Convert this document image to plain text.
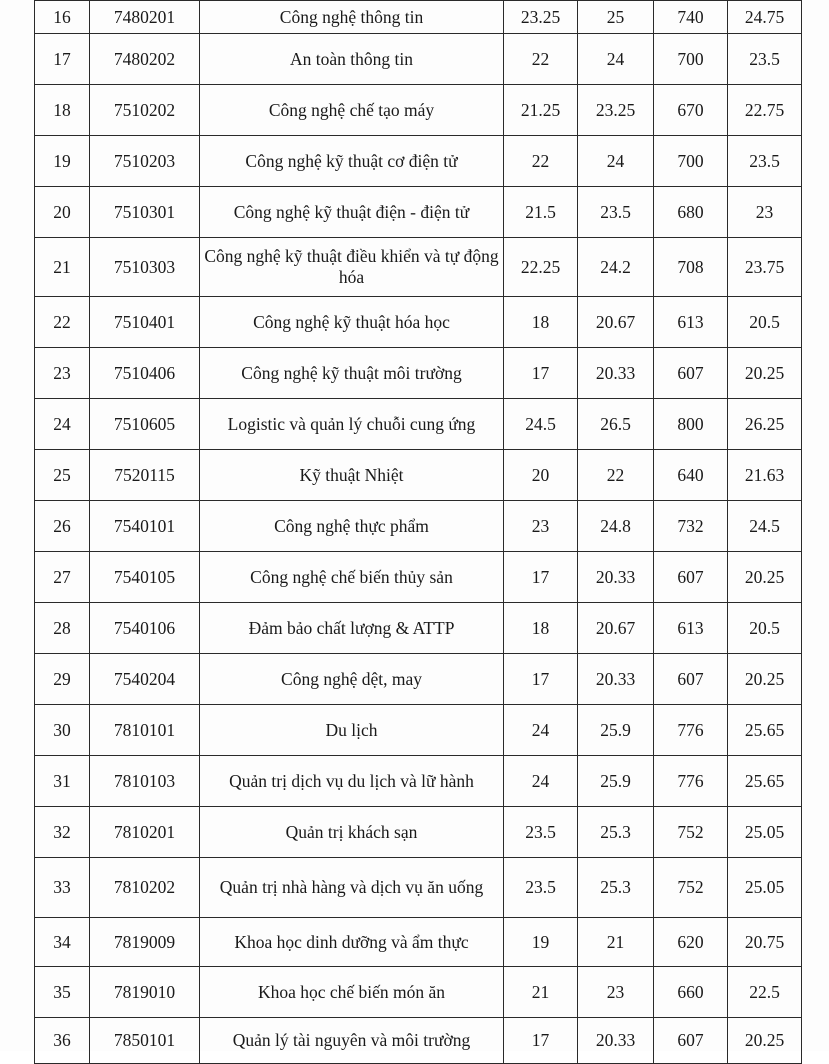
16	7480201	Công nghệ thông tin	23.25	25	740	24.75
17	7480202	An toàn thông tin	22	24	700	23.5
18	7510202	Công nghệ chế tạo máy	21.25	23.25	670	22.75
19	7510203	Công nghệ kỹ thuật cơ điện tử	22	24	700	23.5
20	7510301	Công nghệ kỹ thuật điện - điện tử	21.5	23.5	680	23
21	7510303	Công nghệ kỹ thuật điều khiển và tự động hóa	22.25	24.2	708	23.75
22	7510401	Công nghệ kỹ thuật hóa học	18	20.67	613	20.5
23	7510406	Công nghệ kỹ thuật môi trường	17	20.33	607	20.25
24	7510605	Logistic và quản lý chuỗi cung ứng	24.5	26.5	800	26.25
25	7520115	Kỹ thuật Nhiệt	20	22	640	21.63
26	7540101	Công nghệ thực phẩm	23	24.8	732	24.5
27	7540105	Công nghệ chế biến thủy sản	17	20.33	607	20.25
28	7540106	Đảm bảo chất lượng & ATTP	18	20.67	613	20.5
29	7540204	Công nghệ dệt, may	17	20.33	607	20.25
30	7810101	Du lịch	24	25.9	776	25.65
31	7810103	Quản trị dịch vụ du lịch và lữ hành	24	25.9	776	25.65
32	7810201	Quản trị khách sạn	23.5	25.3	752	25.05
33	7810202	Quản trị nhà hàng và dịch vụ ăn uống	23.5	25.3	752	25.05
34	7819009	Khoa học dinh dưỡng và ẩm thực	19	21	620	20.75
35	7819010	Khoa học chế biến món ăn	21	23	660	22.5
36	7850101	Quản lý tài nguyên và môi trường	17	20.33	607	20.25
